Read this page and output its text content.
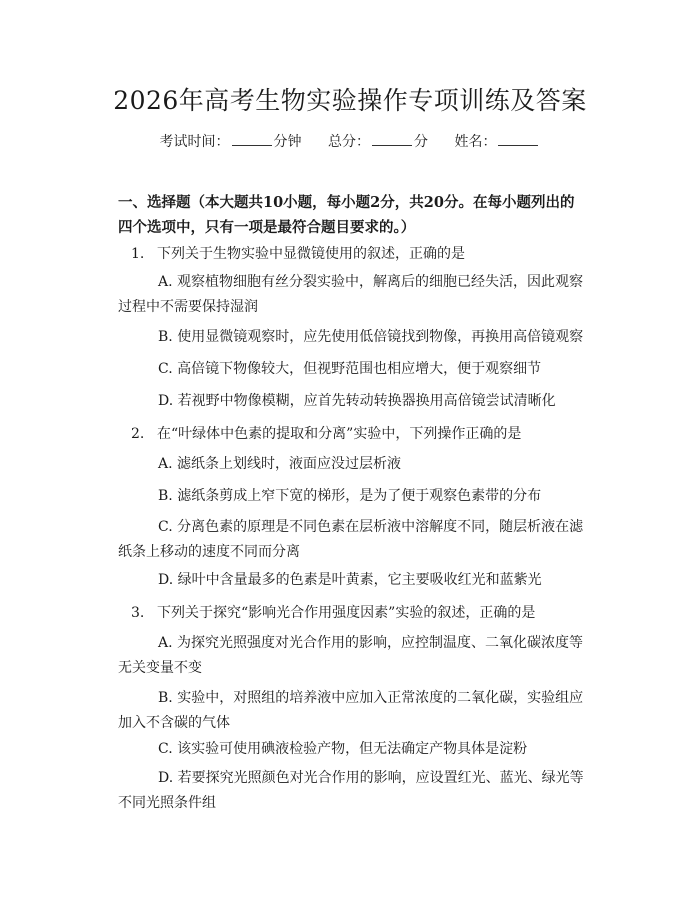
2026年高考生物实验操作专项训练及答案
考试时间：	分钟 总分：	分 姓名：
一、选择题（本大题共10小题，每小题2分，共20分。在每小题列出的四个选项中，只有一项是最符合题目要求的。）
1. 下列关于生物实验中显微镜使用的叙述，正确的是
A. 观察植物细胞有丝分裂实验中，解离后的细胞已经失活，因此观察过程中不需要保持湿润
B. 使用显微镜观察时，应先使用低倍镜找到物像，再换用高倍镜观察
C. 高倍镜下物像较大，但视野范围也相应增大，便于观察细节
D. 若视野中物像模糊，应首先转动转换器换用高倍镜尝试清晰化
2. 在“叶绿体中色素的提取和分离”实验中，下列操作正确的是
A. 滤纸条上划线时，液面应没过层析液
B. 滤纸条剪成上窄下宽的梯形，是为了便于观察色素带的分布
C. 分离色素的原理是不同色素在层析液中溶解度不同，随层析液在滤纸条上移动的速度不同而分离
D. 绿叶中含量最多的色素是叶黄素，它主要吸收红光和蓝紫光
3. 下列关于探究“影响光合作用强度因素”实验的叙述，正确的是
A. 为探究光照强度对光合作用的影响，应控制温度、二氧化碳浓度等无关变量不变
B. 实验中，对照组的培养液中应加入正常浓度的二氧化碳，实验组应加入不含碳的气体
C. 该实验可使用碘液检验产物，但无法确定产物具体是淀粉
D. 若要探究光照颜色对光合作用的影响，应设置红光、蓝光、绿光等不同光照条件组
